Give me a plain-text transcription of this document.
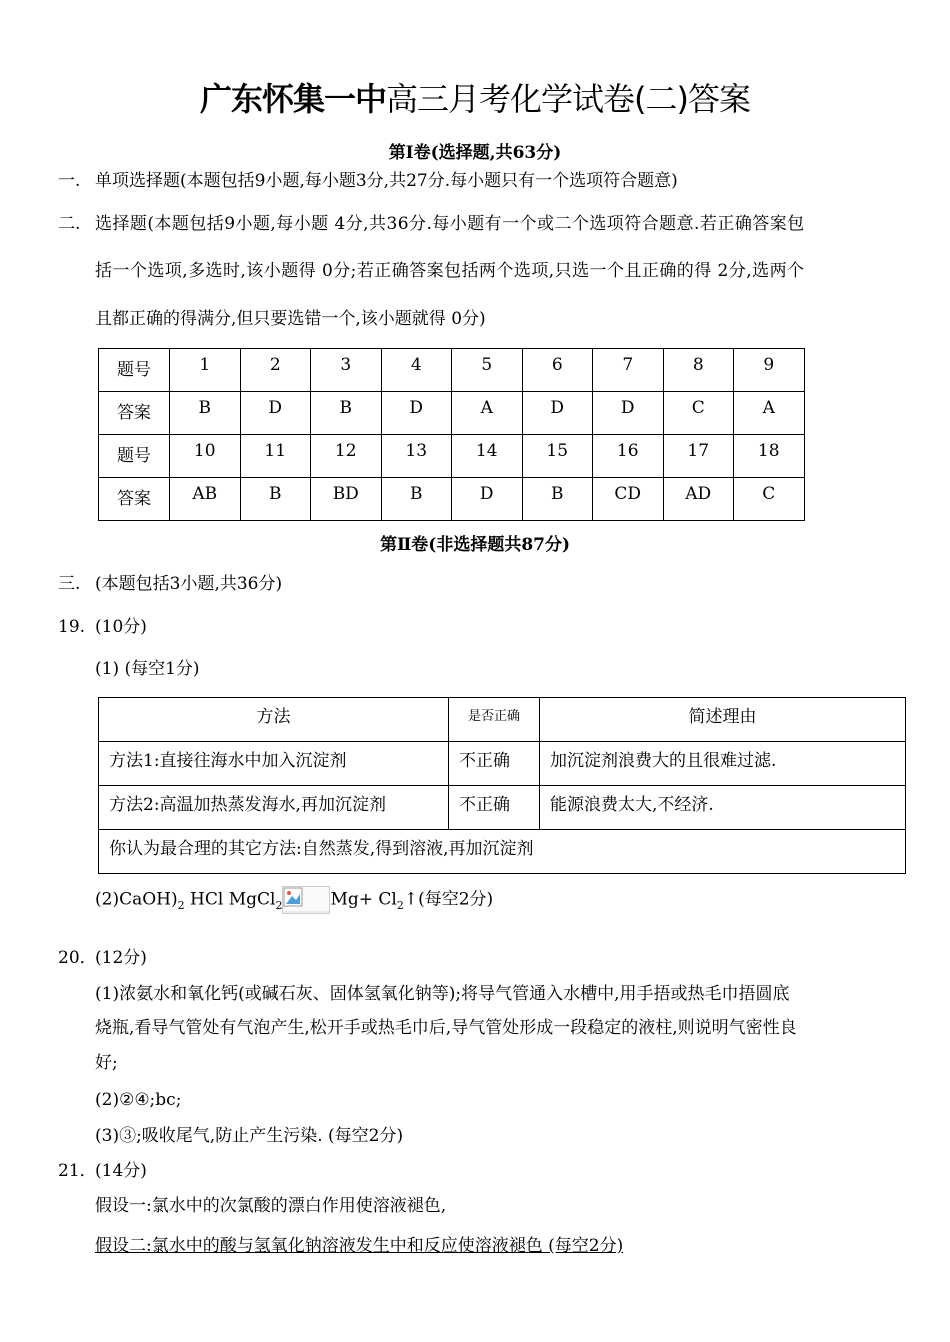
广东怀集一中高三月考化学试卷(二)答案
第Ⅰ卷(选择题,共63分)
一. 单项选择题(本题包括9小题,每小题3分,共27分.每小题只有一个选项符合题意)
二. 选择题(本题包括9小题,每小题 4分,共36分.每小题有一个或二个选项符合题意.若正确答案包
括一个选项,多选时,该小题得 0分;若正确答案包括两个选项,只选一个且正确的得 2分,选两个
且都正确的得满分,但只要选错一个,该小题就得 0分)
题号	1	2	3	4	5	6	7	8	9
答案	B	D	B	D	A	D	D	C	A
题号	10	11	12	13	14	15	16	17	18
答案	AB	B	BD	B	D	B	CD	AD	C
第Ⅱ卷(非选择题共87分)
三. (本题包括3小题,共36分)
19. (10分)
(1) (每空1分)
方法	是否正确	简述理由
方法1:直接往海水中加入沉淀剂	不正确	加沉淀剂浪费大的且很难过滤.
方法2:高温加热蒸发海水,再加沉淀剂	不正确	能源浪费太大,不经济.
你认为最合理的其它方法:自然蒸发,得到溶液,再加沉淀剂		
$(2)CaOH)_2$ HCl MgCl$_2$	$Mg+ Cl_2↑$(每空2分)
20．
(12分)
(1)浓氨水和氧化钙(或碱石灰、固体氢氧化钠等);将导气管通入水槽中,用手捂或热毛巾捂圆底
烧瓶,看导气管处有气泡产生,松开手或热毛巾后,导气管处形成一段稳定的液柱,则说明气密性良
好;
(2)②④;bc;
(3)③;吸收尾气,防止产生污染. (每空2分)
21．
(14分)
假设一:氯水中的次氯酸的漂白作用使溶液褪色,
假设二:氯水中的酸与氢氧化钠溶液发生中和反应使溶液褪色 (每空2分)
